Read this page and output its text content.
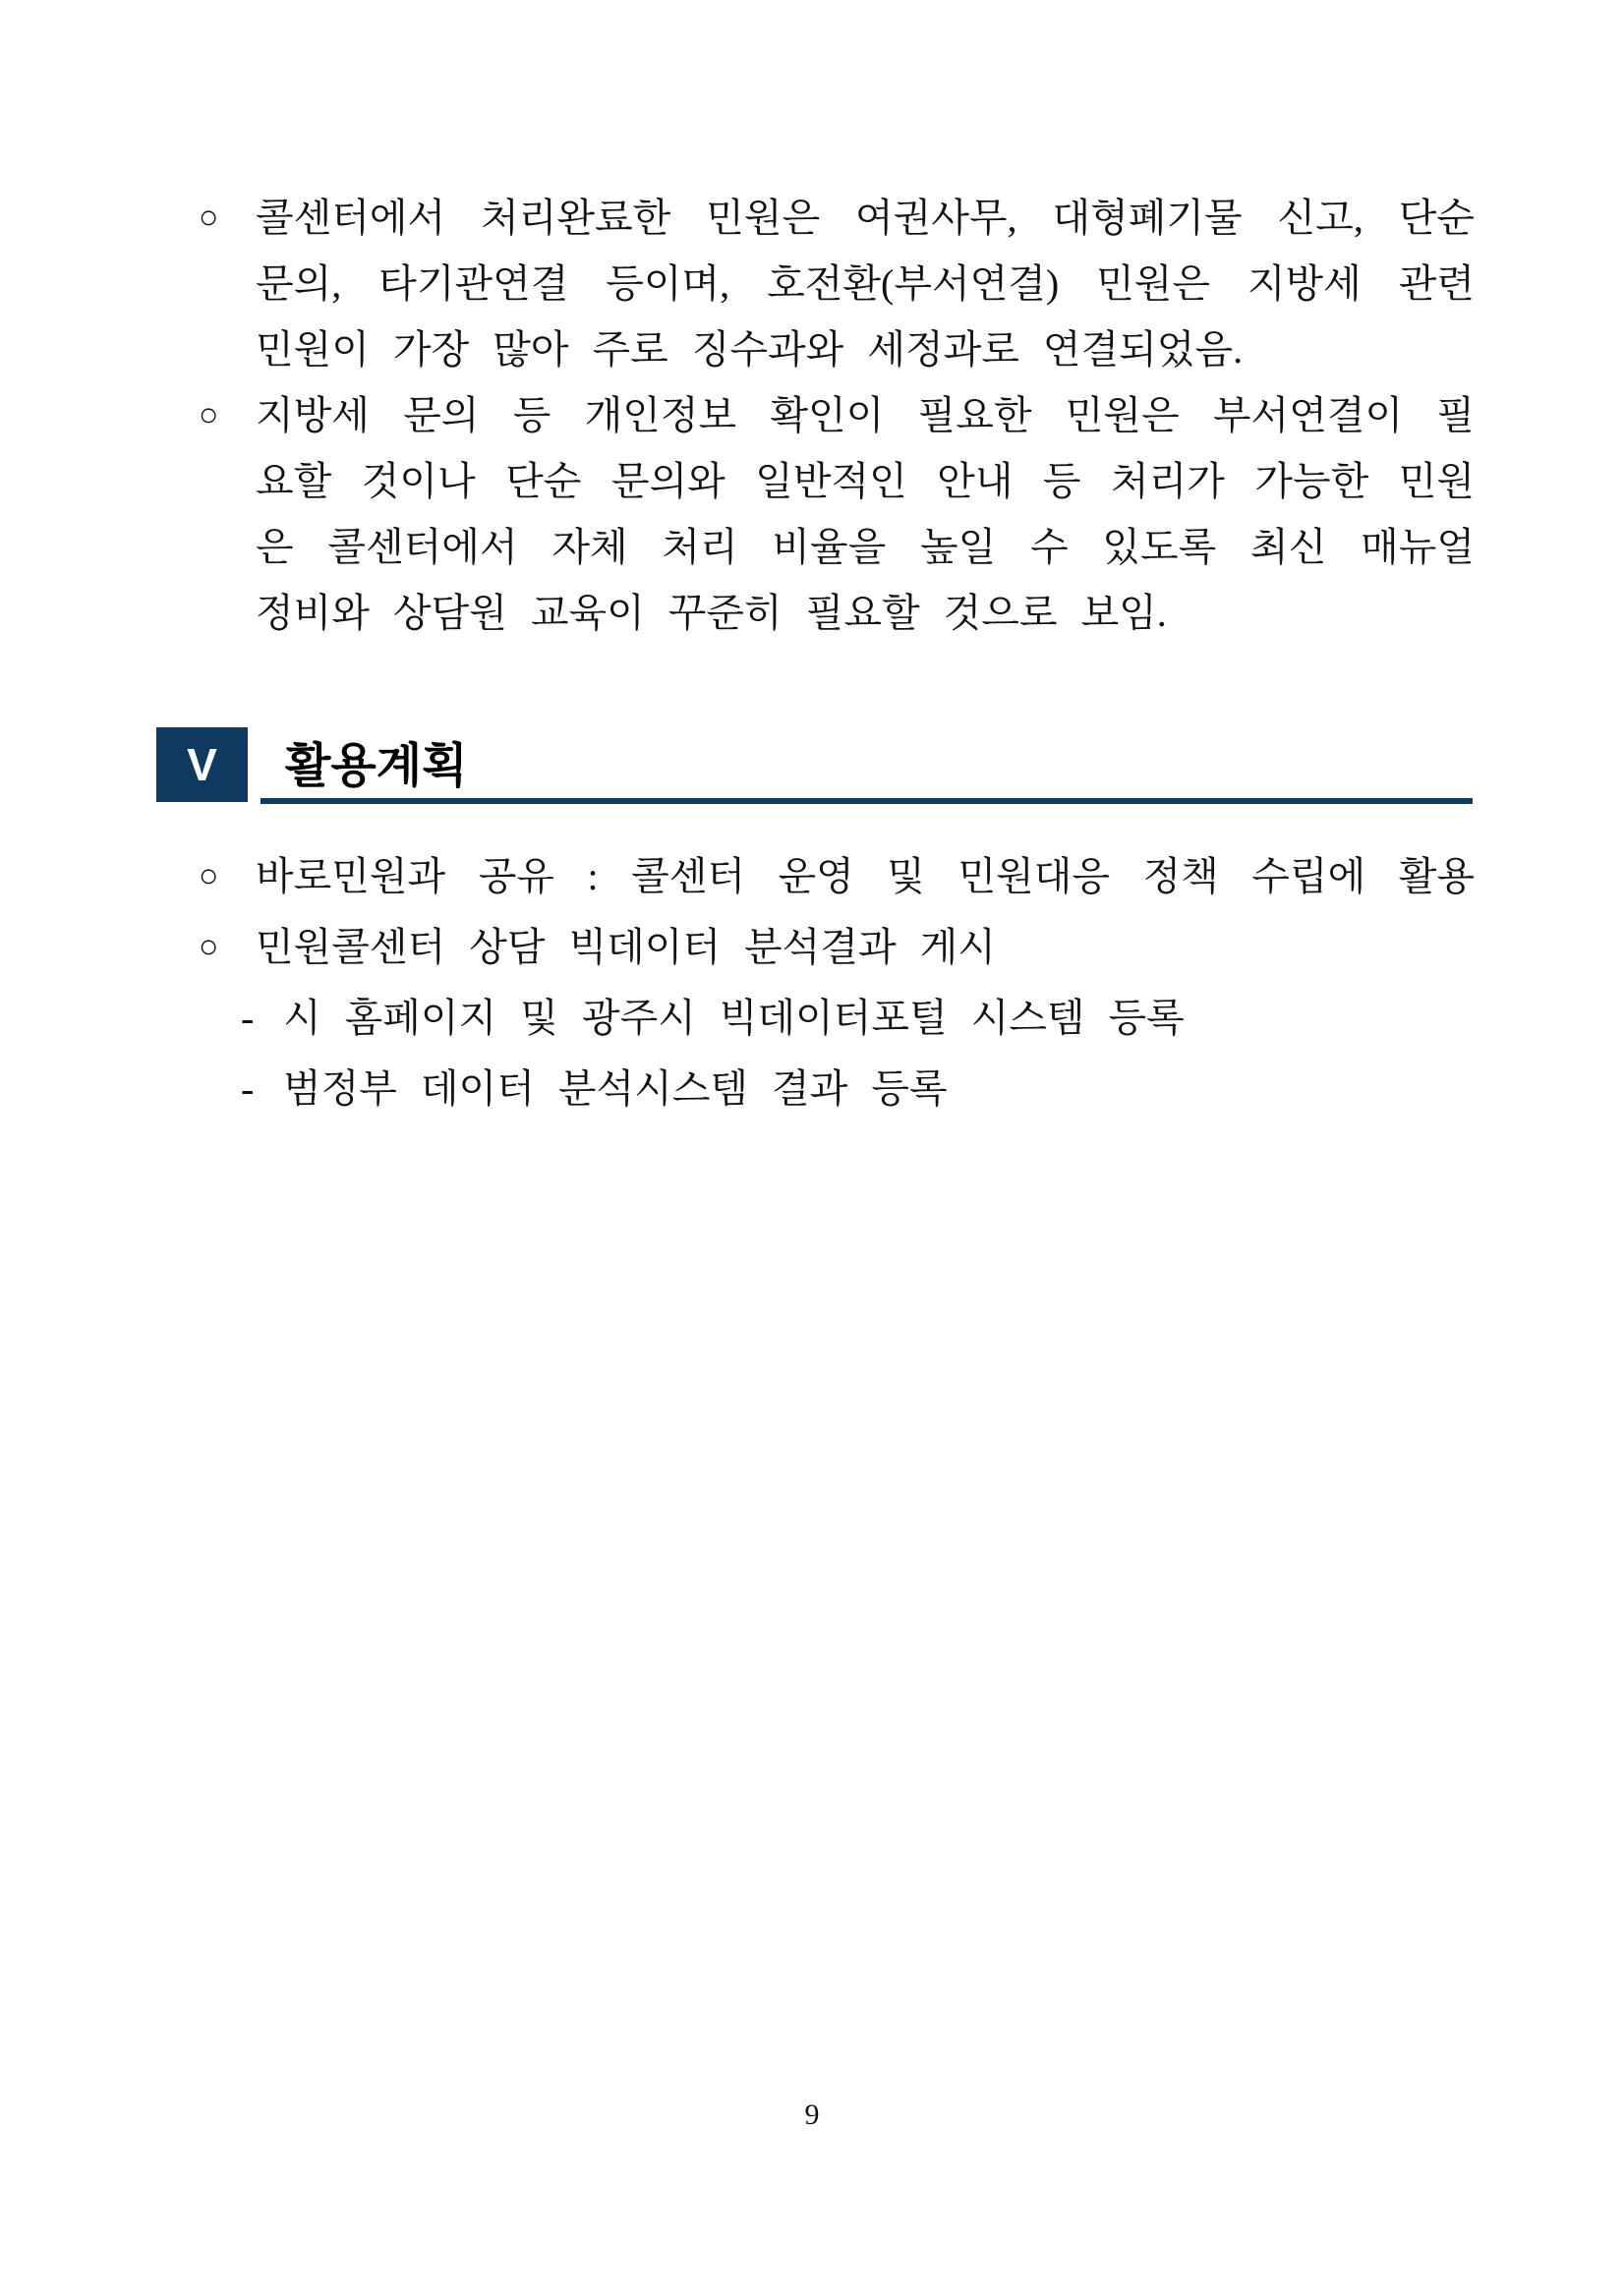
○ 콜센터에서 처리완료한 민원은 여권사무, 대형폐기물 신고, 단순
문의, 타기관연결 등이며, 호전환(부서연결) 민원은 지방세 관련
민원이 가장 많아 주로 징수과와 세정과로 연결되었음.
○ 지방세 문의 등 개인정보 확인이 필요한 민원은 부서연결이 필
요할 것이나 단순 문의와 일반적인 안내 등 처리가 가능한 민원
은 콜센터에서 자체 처리 비율을 높일 수 있도록 최신 매뉴얼
정비와 상담원 교육이 꾸준히 필요할 것으로 보임.
V	활용계획
○ 바로민원과 공유 : 콜센터 운영 및 민원대응 정책 수립에 활용
○ 민원콜센터 상담 빅데이터 분석결과 게시
- 시 홈페이지 및 광주시 빅데이터포털 시스템 등록
- 범정부 데이터 분석시스템 결과 등록
9
